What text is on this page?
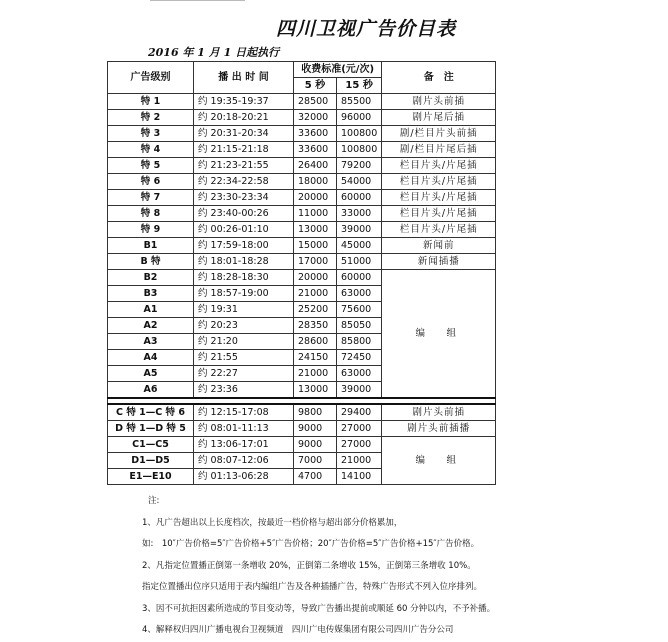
四川卫视广告价目表
2016 年 1 月 1 日起执行
广告级别	播 出 时 间	收费标准(元/次)		备　注
		5 秒	15 秒	
特 1	约 19:35-19:37	28500	85500	剧片头前插
特 2	约 20:18-20:21	32000	96000	剧片尾后插
特 3	约 20:31-20:34	33600	100800	剧/栏目片头前插
特 4	约 21:15-21:18	33600	100800	剧/栏目片尾后插
特 5	约 21:23-21:55	26400	79200	栏目片头/片尾插
特 6	约 22:34-22:58	18000	54000	栏目片头/片尾插
特 7	约 23:30-23:34	20000	60000	栏目片头/片尾插
特 8	约 23:40-00:26	11000	33000	栏目片头/片尾插
特 9	约 00:26-01:10	13000	39000	栏目片头/片尾插
B1	约 17:59-18:00	15000	45000	新闻前
B 特	约 18:01-18:28	17000	51000	新闻插播
B2	约 18:28-18:30	20000	60000	编　组
B3	约 18:57-19:00	21000	63000	
A1	约 19:31	25200	75600	
A2	约 20:23	28350	85050	
A3	约 21:20	28600	85800	
A4	约 21:55	24150	72450	
A5	约 22:27	21000	63000	
A6	约 23:36	13000	39000	

C 特 1—C 特 6	约 12:15-17:08	9800	29400	剧片头前插
D 特 1—D 特 5	约 08:01-11:13	9000	27000	剧片头前插播
C1—C5	约 13:06-17:01	9000	27000	编　组
D1—D5	约 08:07-12:06	7000	21000	
E1—E10	约 01:13-06:28	4700	14100	
注:
1、凡广告超出以上长度档次，按最近一档价格与超出部分价格累加，
如:　10″广告价格=5″广告价格+5″广告价格；20″广告价格=5″广告价格+15″广告价格。
2、凡指定位置播正倒第一条增收 20%，正倒第二条增收 15%，正倒第三条增收 10%。
指定位置播出位序只适用于表内编组广告及各种插播广告，特殊广告形式不列入位序排列。
3、因不可抗拒因素所造成的节目变动等，导致广告播出提前或顺延 60 分钟以内，不予补播。
4、解释权归四川广播电视台卫视频道　四川广电传媒集团有限公司四川广告分公司
